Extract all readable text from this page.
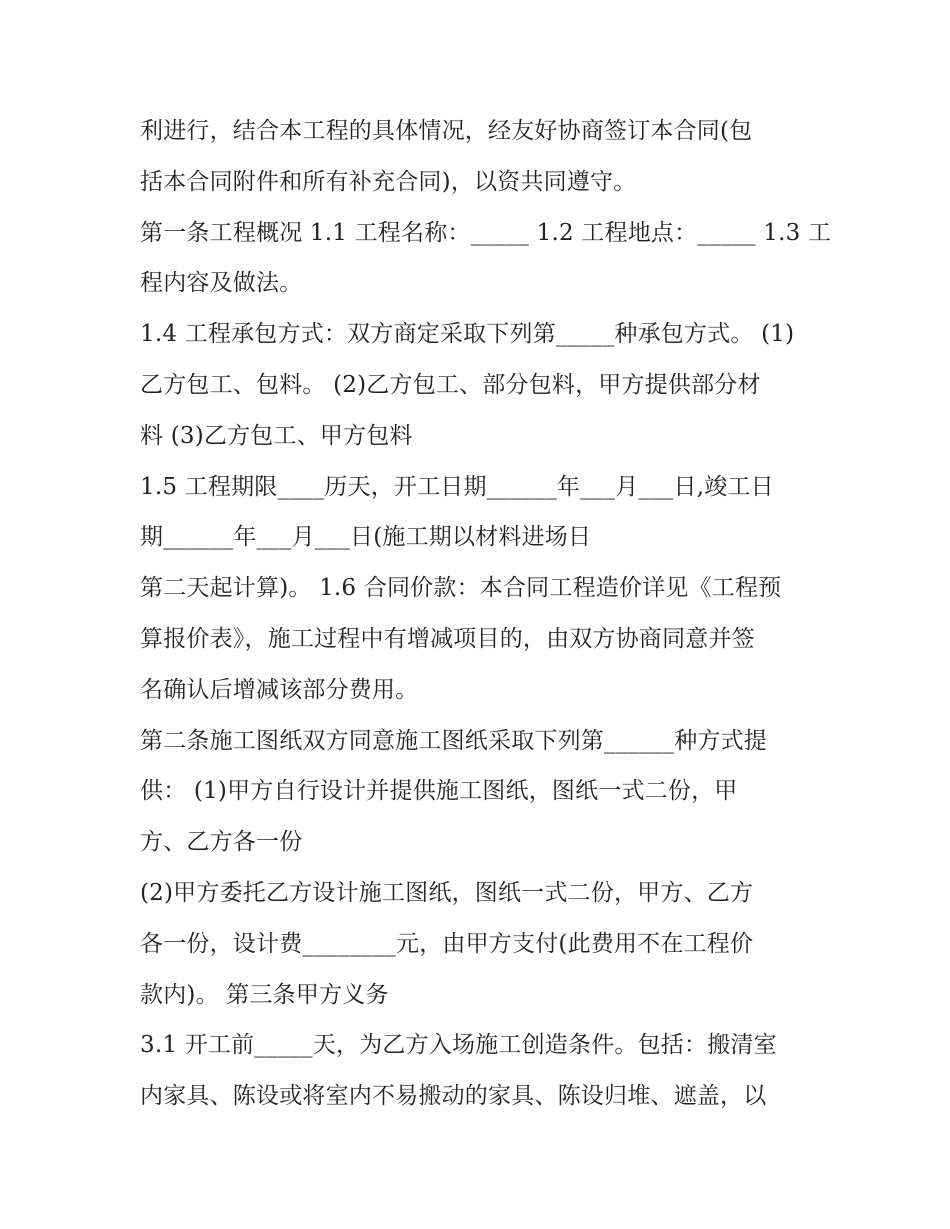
利进行，结合本工程的具体情况，经友好协商签订本合同(包
括本合同附件和所有补充合同)，以资共同遵守。
第一条工程概况 1.1 工程名称：_____ 1.2 工程地点：_____ 1.3 工
程内容及做法。
1.4 工程承包方式：双方商定采取下列第_____种承包方式。 (1)
乙方包工、包料。 (2)乙方包工、部分包料，甲方提供部分材
料 (3)乙方包工、甲方包料
1.5 工程期限____历天，开工日期______年___月___日,竣工日
期______年___月___日(施工期以材料进场日
第二天起计算)。 1.6 合同价款：本合同工程造价详见《工程预
算报价表》，施工过程中有增减项目的，由双方协商同意并签
名确认后增减该部分费用。
第二条施工图纸双方同意施工图纸采取下列第______种方式提
供： (1)甲方自行设计并提供施工图纸，图纸一式二份，甲
方、乙方各一份
(2)甲方委托乙方设计施工图纸，图纸一式二份，甲方、乙方
各一份，设计费________元，由甲方支付(此费用不在工程价
款内)。 第三条甲方义务
3.1 开工前_____天，为乙方入场施工创造条件。包括：搬清室
内家具、陈设或将室内不易搬动的家具、陈设归堆、遮盖，以
